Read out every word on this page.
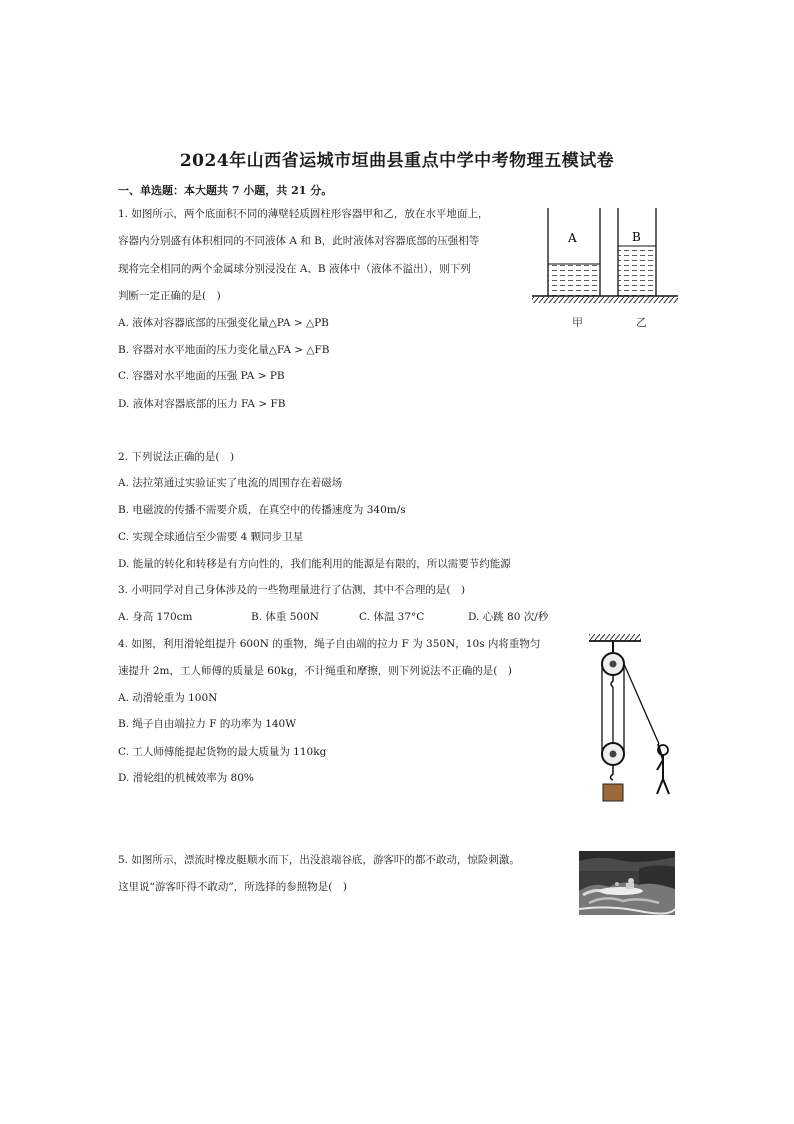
2024年山西省运城市垣曲县重点中学中考物理五模试卷
一、单选题：本大题共 7 小题，共 21 分。
1. 如图所示，两个底面积不同的薄壁轻质圆柱形容器甲和乙，放在水平地面上，
容器内分别盛有体积相同的不同液体 A 和 B，此时液体对容器底部的压强相等
现将完全相同的两个金属球分别浸没在 A、B 液体中（液体不溢出），则下列
判断一定正确的是(　)
A. 液体对容器底部的压强变化量△PA > △PB
B. 容器对水平地面的压力变化量△FA > △FB
C. 容器对水平地面的压强 PA > PB
D. 液体对容器底部的压力 FA > FB
A	B
甲	乙
2. 下列说法正确的是(　)
A. 法拉第通过实验证实了电流的周围存在着磁场
B. 电磁波的传播不需要介质，在真空中的传播速度为 340m/s
C. 实现全球通信至少需要 4 颗同步卫星
D. 能量的转化和转移是有方向性的，我们能利用的能源是有限的，所以需要节约能源
3. 小明同学对自己身体涉及的一些物理量进行了估测，其中不合理的是(　)
A. 身高 170cm	B. 体重 500N	C. 体温 37°C	D. 心跳 80 次/秒
4. 如图，利用滑轮组提升 600N 的重物，绳子自由端的拉力 F 为 350N，10s 内将重物匀
速提升 2m，工人师傅的质量是 60kg，不计绳重和摩擦，则下列说法不正确的是(　)
A. 动滑轮重为 100N
B. 绳子自由端拉力 F 的功率为 140W
C. 工人师傅能提起货物的最大质量为 110kg
D. 滑轮组的机械效率为 80%
5. 如图所示，漂流时橡皮艇顺水而下，出没浪端谷底，游客吓的都不敢动，惊险刺激。
这里说“游客吓得不敢动”，所选择的参照物是(　)
